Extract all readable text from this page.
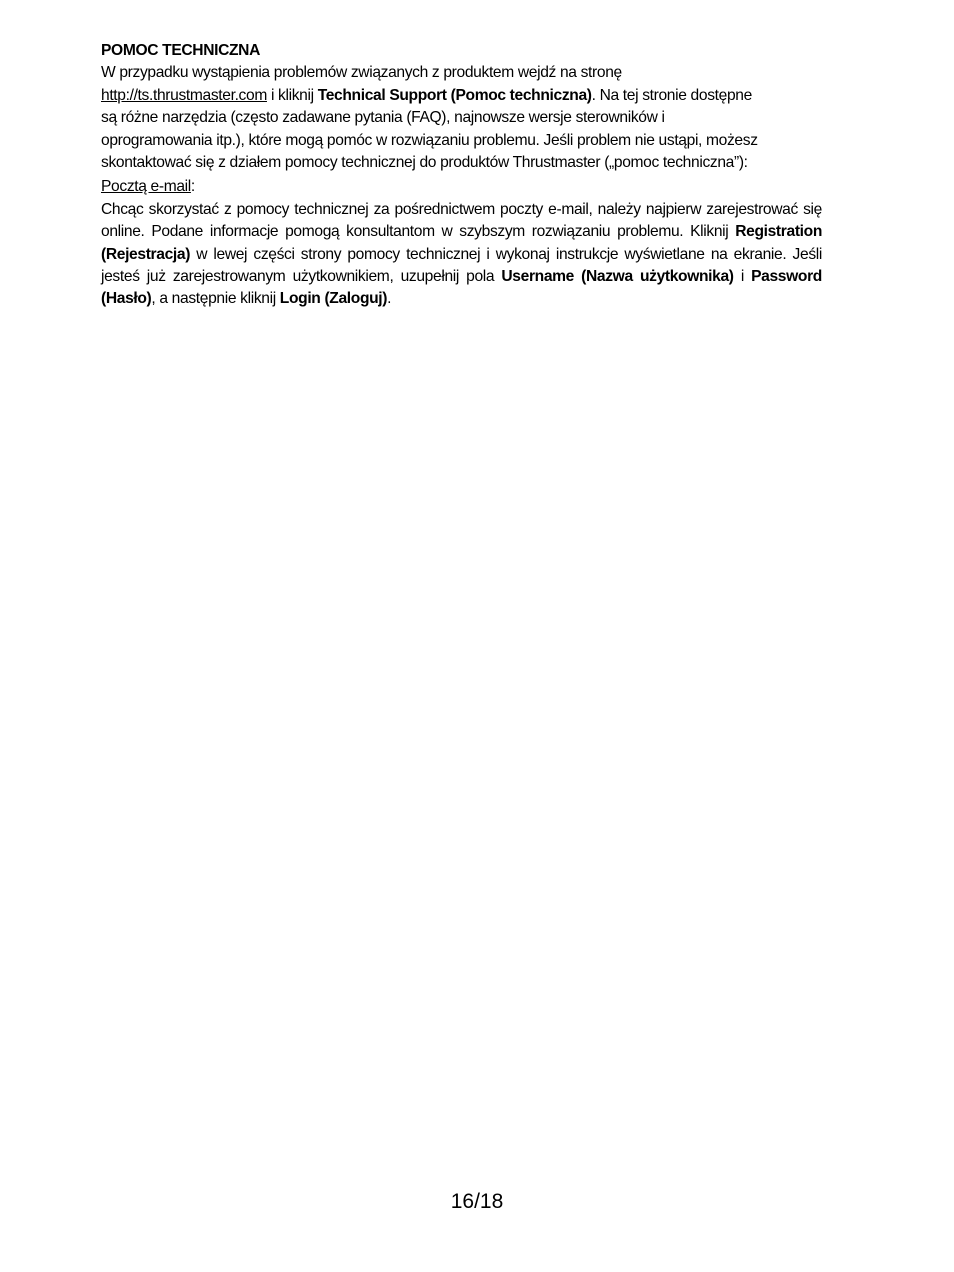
POMOC TECHNICZNA

W przypadku wystąpienia problemów związanych z produktem wejdź na stronę
http://ts.thrustmaster.com i kliknij Technical Support (Pomoc techniczna). Na tej stronie dostępne
są różne narzędzia (często zadawane pytania (FAQ), najnowsze wersje sterowników i
oprogramowania itp.), które mogą pomóc w rozwiązaniu problemu. Jeśli problem nie ustąpi, możesz
skontaktować się z działem pomocy technicznej do produktów Thrustmaster („pomoc techniczna”):

Pocztą e-mail:

Chcąc skorzystać z pomocy technicznej za pośrednictwem poczty e-mail, należy najpierw zarejestrować się online. Podane informacje pomogą konsultantom w szybszym rozwiązaniu problemu. Kliknij Registration (Rejestracja) w lewej części strony pomocy technicznej i wykonaj instrukcje wyświetlane na ekranie. Jeśli jesteś już zarejestrowanym użytkownikiem, uzupełnij pola Username (Nazwa użytkownika) i Password (Hasło), a następnie kliknij Login (Zaloguj).

16/18
